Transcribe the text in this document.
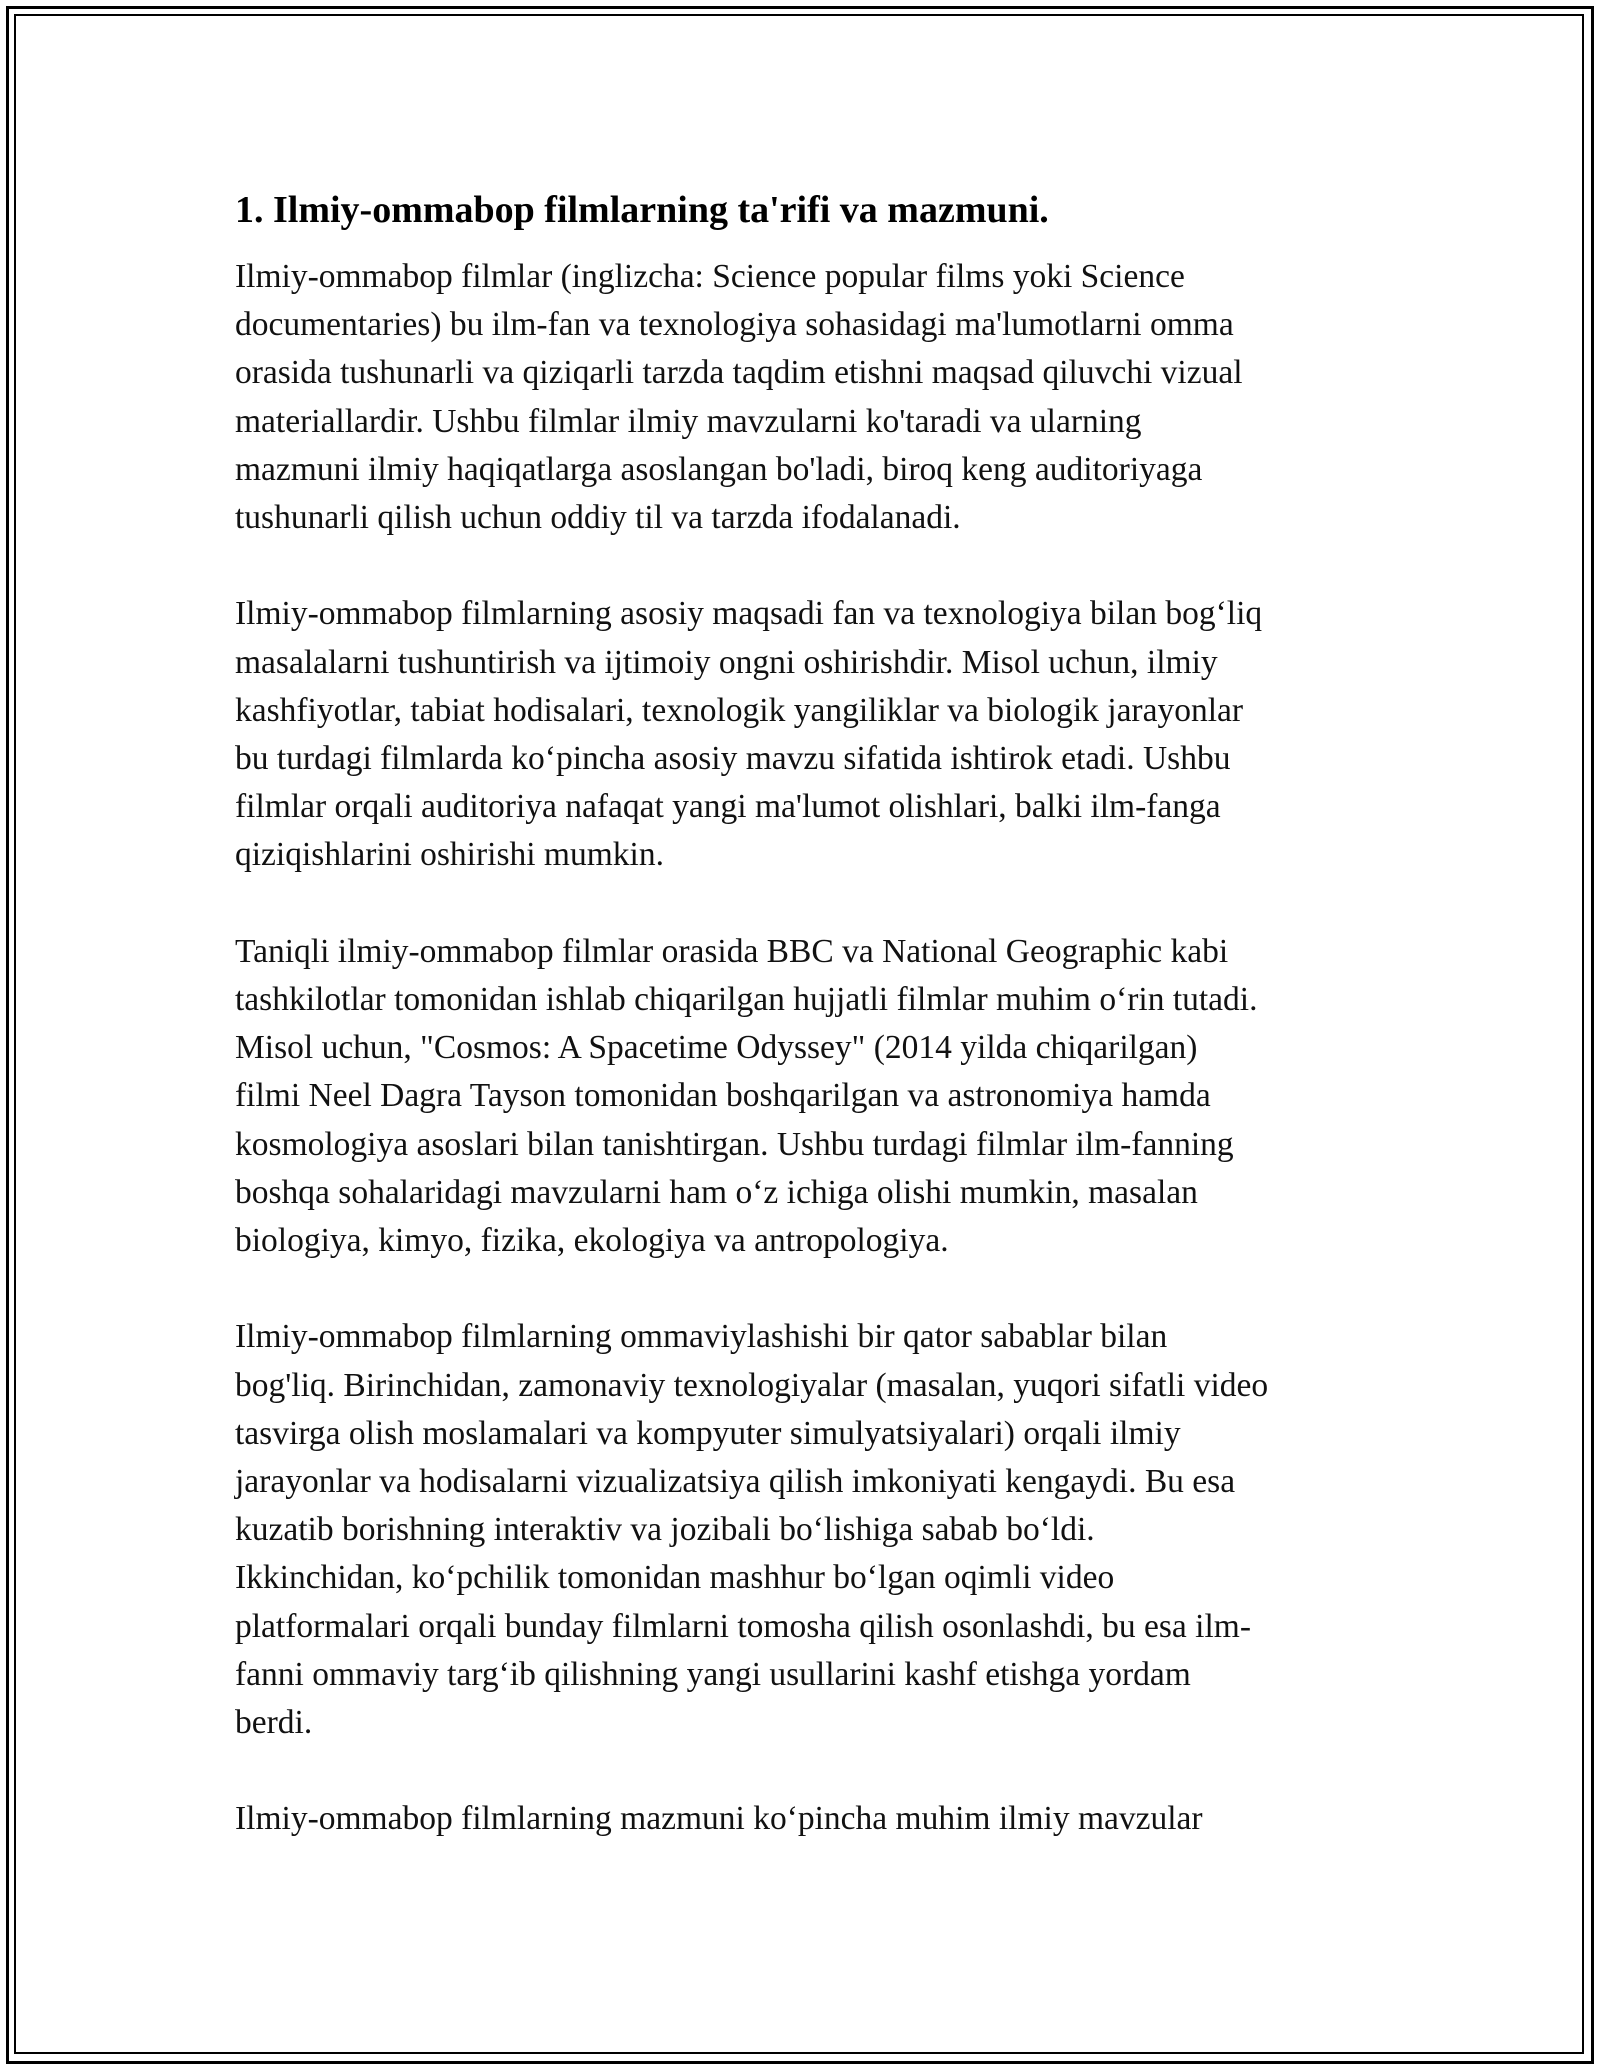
1. Ilmiy-ommabop filmlarning ta'rifi va mazmuni.
Ilmiy-ommabop filmlar (inglizcha: Science popular films yoki Science
documentaries) bu ilm-fan va texnologiya sohasidagi ma'lumotlarni omma
orasida tushunarli va qiziqarli tarzda taqdim etishni maqsad qiluvchi vizual
materiallardir. Ushbu filmlar ilmiy mavzularni ko'taradi va ularning
mazmuni ilmiy haqiqatlarga asoslangan bo'ladi, biroq keng auditoriyaga
tushunarli qilish uchun oddiy til va tarzda ifodalanadi.
Ilmiy-ommabop filmlarning asosiy maqsadi fan va texnologiya bilan bog‘liq
masalalarni tushuntirish va ijtimoiy ongni oshirishdir. Misol uchun, ilmiy
kashfiyotlar, tabiat hodisalari, texnologik yangiliklar va biologik jarayonlar
bu turdagi filmlarda ko‘pincha asosiy mavzu sifatida ishtirok etadi. Ushbu
filmlar orqali auditoriya nafaqat yangi ma'lumot olishlari, balki ilm-fanga
qiziqishlarini oshirishi mumkin.
Taniqli ilmiy-ommabop filmlar orasida BBC va National Geographic kabi
tashkilotlar tomonidan ishlab chiqarilgan hujjatli filmlar muhim o‘rin tutadi.
Misol uchun, "Cosmos: A Spacetime Odyssey" (2014 yilda chiqarilgan)
filmi Neel Dagra Tayson tomonidan boshqarilgan va astronomiya hamda
kosmologiya asoslari bilan tanishtirgan. Ushbu turdagi filmlar ilm-fanning
boshqa sohalaridagi mavzularni ham o‘z ichiga olishi mumkin, masalan
biologiya, kimyo, fizika, ekologiya va antropologiya.
Ilmiy-ommabop filmlarning ommaviylashishi bir qator sabablar bilan
bog'liq. Birinchidan, zamonaviy texnologiyalar (masalan, yuqori sifatli video
tasvirga olish moslamalari va kompyuter simulyatsiyalari) orqali ilmiy
jarayonlar va hodisalarni vizualizatsiya qilish imkoniyati kengaydi. Bu esa
kuzatib borishning interaktiv va jozibali bo‘lishiga sabab bo‘ldi.
Ikkinchidan, ko‘pchilik tomonidan mashhur bo‘lgan oqimli video
platformalari orqali bunday filmlarni tomosha qilish osonlashdi, bu esa ilm-
fanni ommaviy targ‘ib qilishning yangi usullarini kashf etishga yordam
berdi.
Ilmiy-ommabop filmlarning mazmuni ko‘pincha muhim ilmiy mavzular
